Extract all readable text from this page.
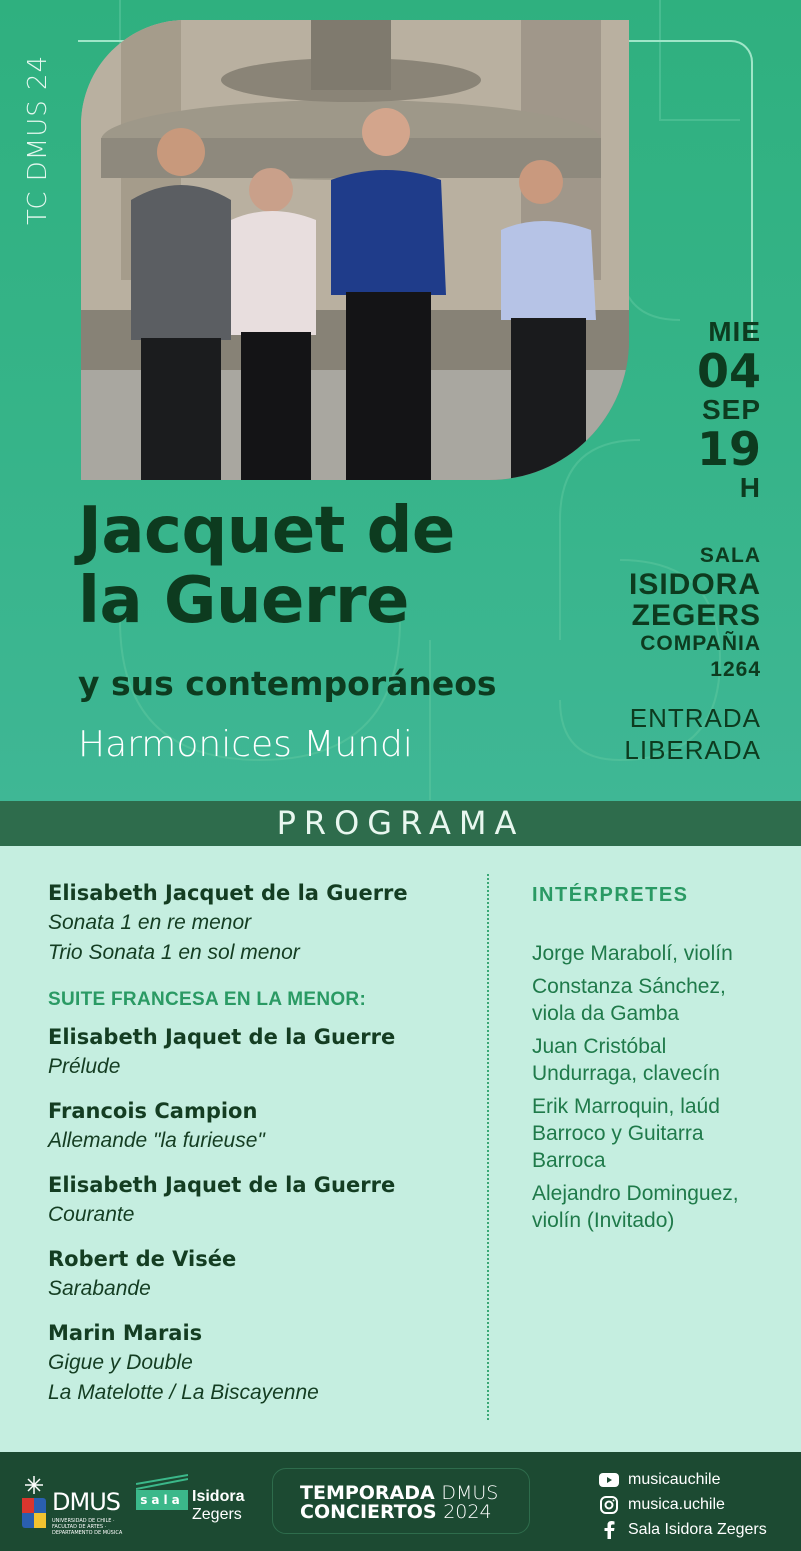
TC DMUS 24
MIE
04
SEP
19
H
SALA
ISIDORA
ZEGERS
COMPAÑIA
1264
ENTRADA
LIBERADA
Jacquet de
la Guerre
y sus contemporáneos
Harmonices Mundi
PROGRAMA
Elisabeth Jacquet de la Guerre
Sonata 1 en re menor
Trio Sonata 1 en sol menor
SUITE FRANCESA EN LA MENOR:
Elisabeth Jaquet de la Guerre
Prélude
Francois Campion
Allemande "la furieuse"
Elisabeth Jaquet de la Guerre
Courante
Robert de Visée
Sarabande
Marin Marais
Gigue y Double
La Matelotte / La Biscayenne
INTÉRPRETES
Jorge Marabolí, violín
Constanza Sánchez, viola da Gamba
Juan Cristóbal Undurraga, clavecín
Erik Marroquin, laúd Barroco y Guitarra Barroca
Alejandro Dominguez, violín (Invitado)
DMUS
UNIVERSIDAD DE CHILE · FACULTAD DE ARTES · DEPARTAMENTO DE MÚSICA
sala Isidora
Zegers
TEMPORADA DMUS
CONCIERTOS 2024
musicauchile
musica.uchile
Sala Isidora Zegers
